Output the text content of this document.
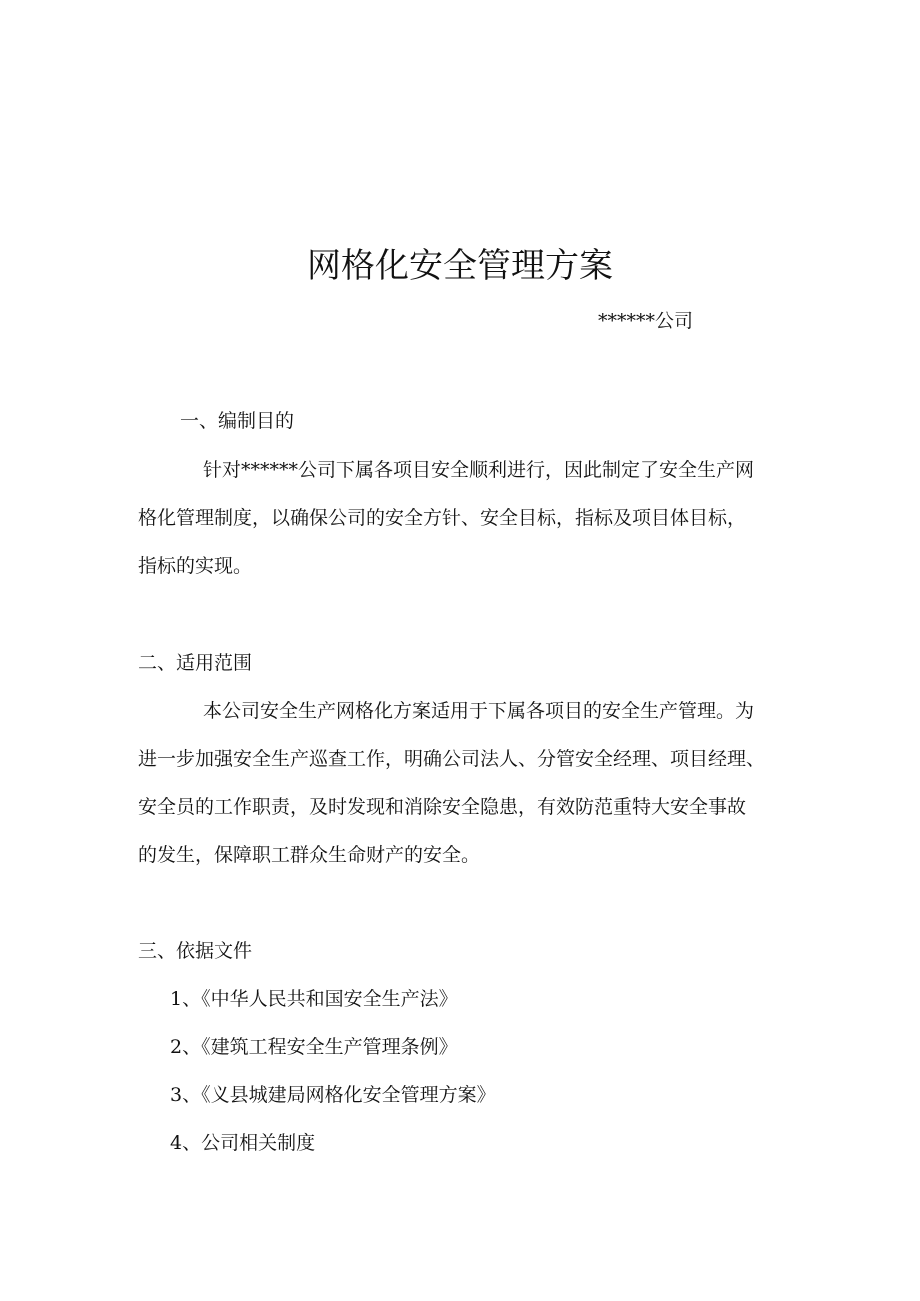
网格化安全管理方案
******公司
一、编制目的
针对******公司下属各项目安全顺利进行，因此制定了安全生产网
格化管理制度，以确保公司的安全方针、安全目标，指标及项目体目标，
指标的实现。
二、适用范围
本公司安全生产网格化方案适用于下属各项目的安全生产管理。为
进一步加强安全生产巡查工作，明确公司法人、分管安全经理、项目经理、
安全员的工作职责，及时发现和消除安全隐患，有效防范重特大安全事故
的发生，保障职工群众生命财产的安全。
三、依据文件
1、《中华人民共和国安全生产法》
2、《建筑工程安全生产管理条例》
3、《义县城建局网格化安全管理方案》
4、公司相关制度
